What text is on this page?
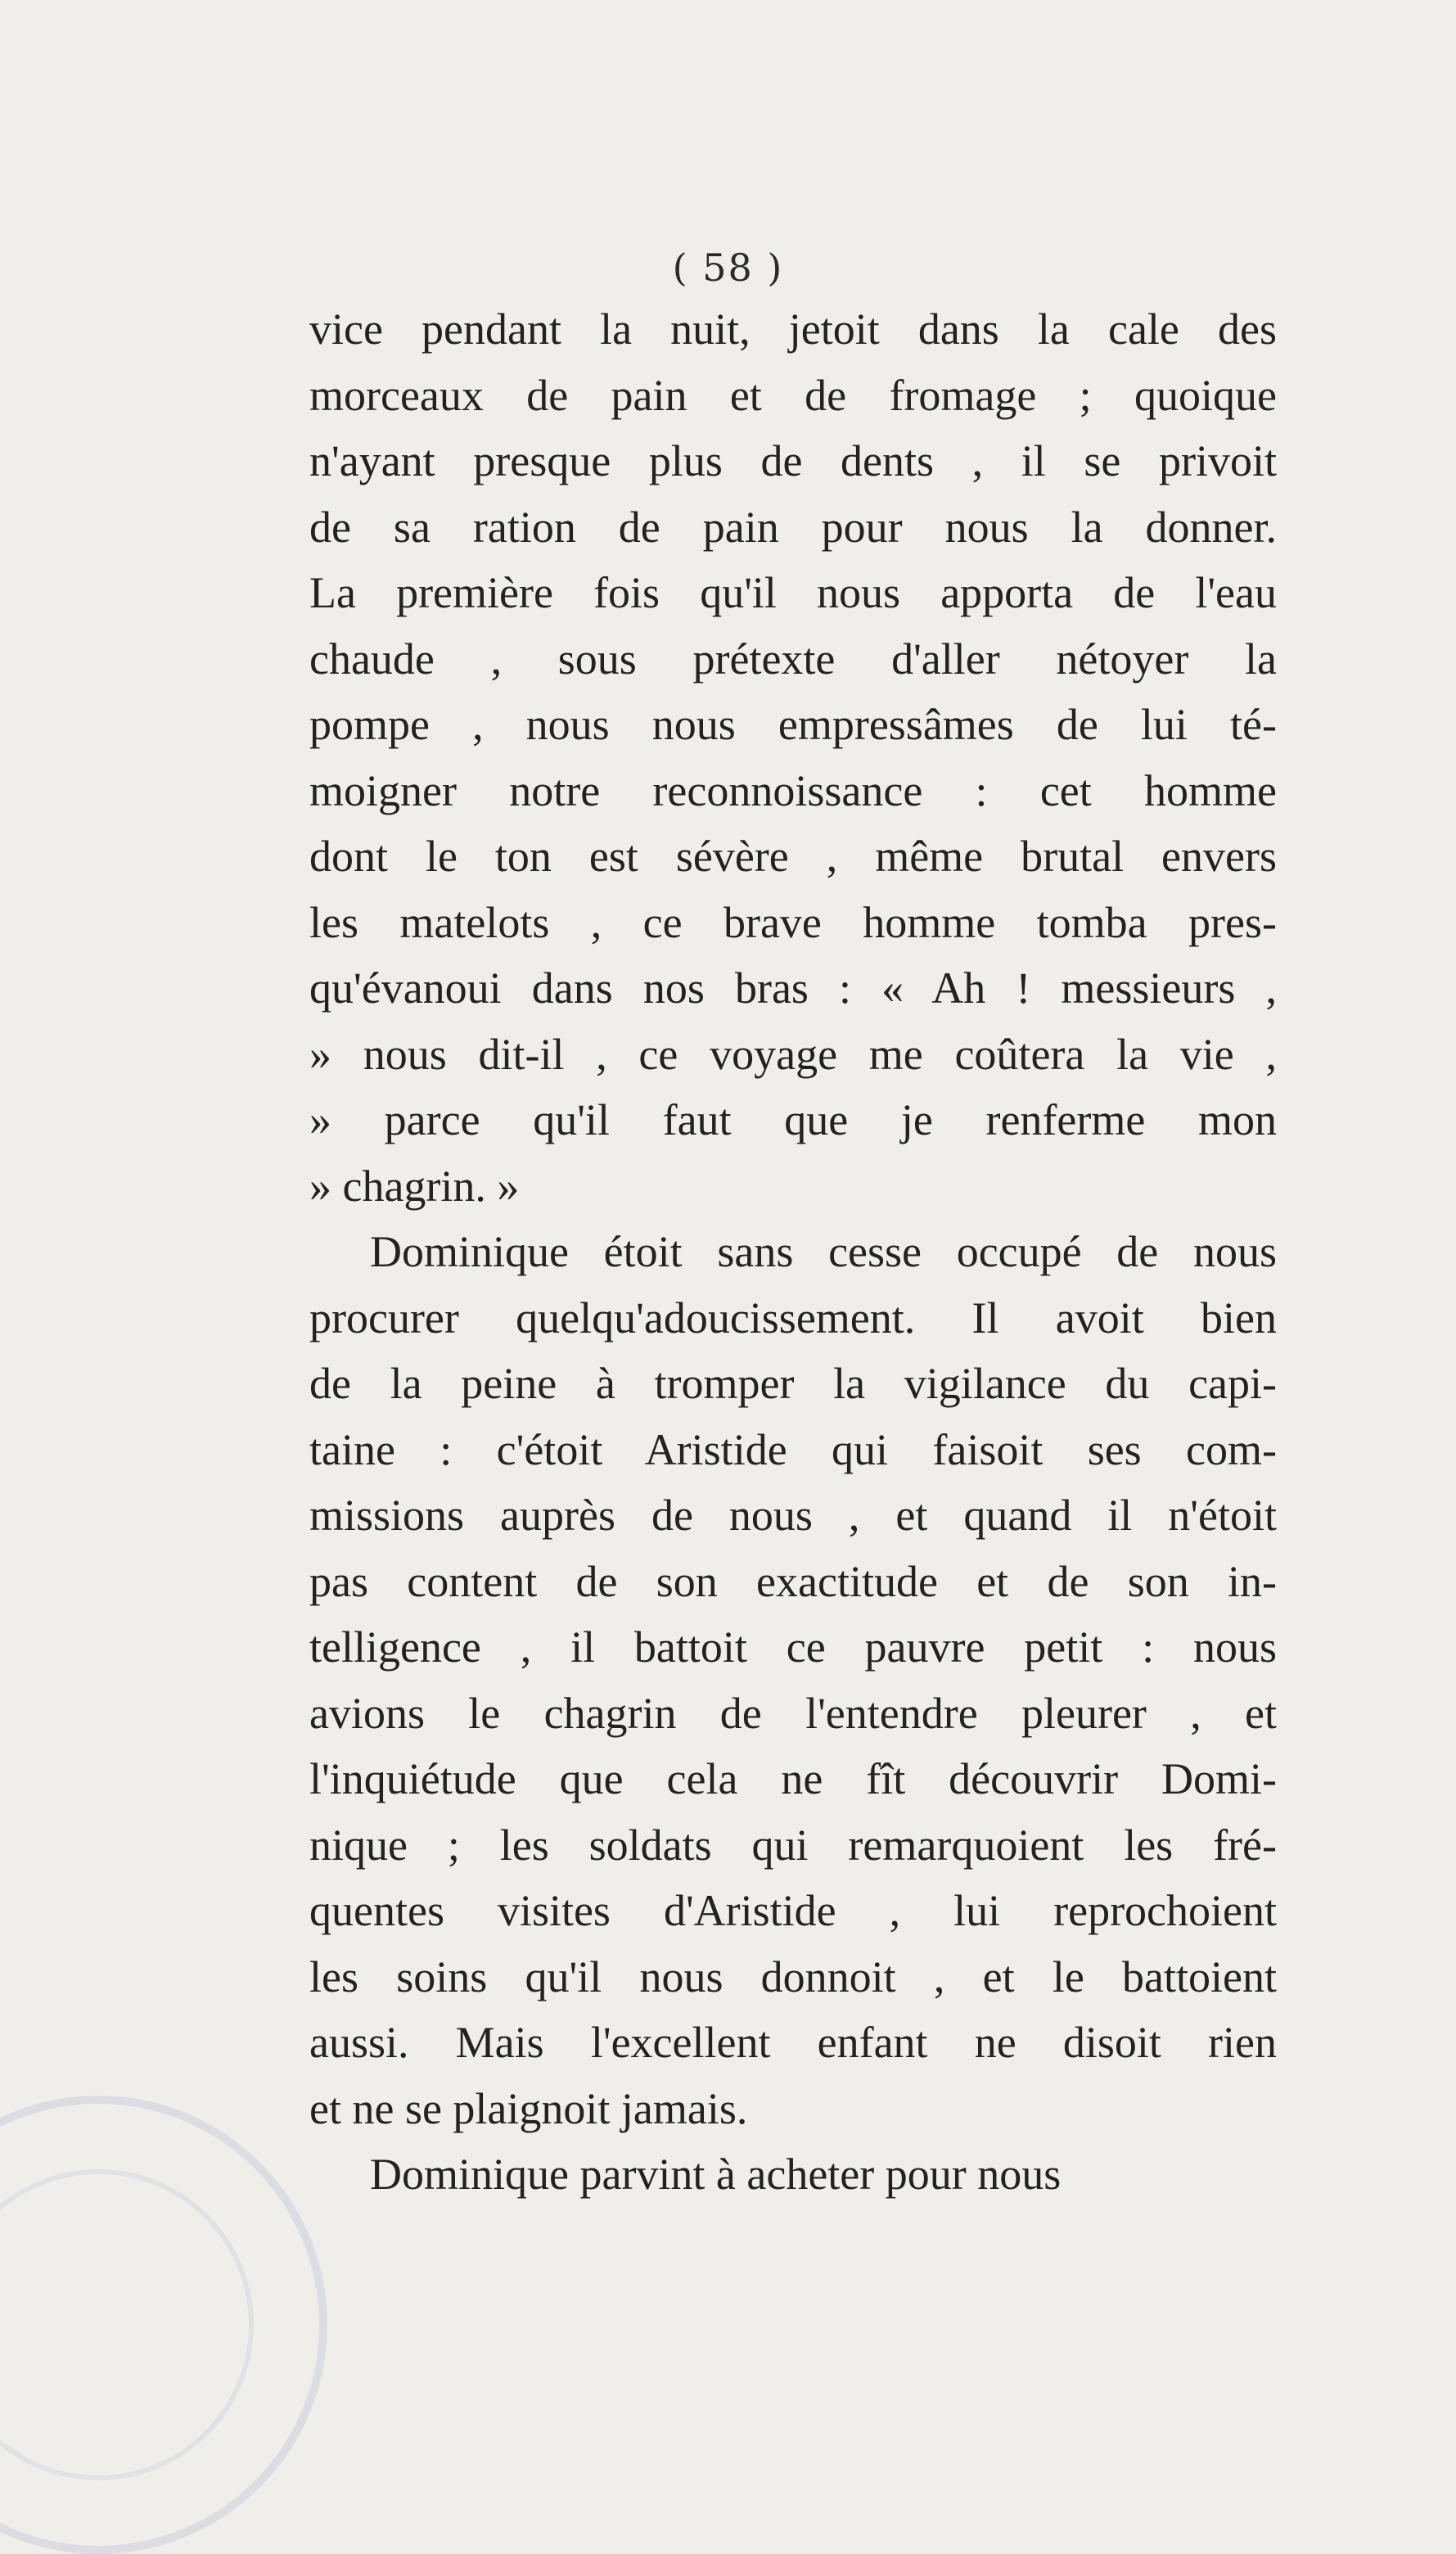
( 58 )
vice pendant la nuit, jetoit dans la cale des
morceaux de pain et de fromage ; quoique
n'ayant presque plus de dents , il se privoit
de sa ration de pain pour nous la donner.
La première fois qu'il nous apporta de l'eau
chaude , sous prétexte d'aller nétoyer la
pompe , nous nous empressâmes de lui té-
moigner notre reconnoissance : cet homme
dont le ton est sévère , même brutal envers
les matelots , ce brave homme tomba pres-
qu'évanoui dans nos bras : « Ah ! messieurs ,
» nous dit-il , ce voyage me coûtera la vie ,
» parce qu'il faut que je renferme mon
» chagrin. »
Dominique étoit sans cesse occupé de nous
procurer quelqu'adoucissement. Il avoit bien
de la peine à tromper la vigilance du capi-
taine : c'étoit Aristide qui faisoit ses com-
missions auprès de nous , et quand il n'étoit
pas content de son exactitude et de son in-
telligence , il battoit ce pauvre petit : nous
avions le chagrin de l'entendre pleurer , et
l'inquiétude que cela ne fît découvrir Domi-
nique ; les soldats qui remarquoient les fré-
quentes visites d'Aristide , lui reprochoient
les soins qu'il nous donnoit , et le battoient
aussi. Mais l'excellent enfant ne disoit rien
et ne se plaignoit jamais.
Dominique parvint à acheter pour nous
